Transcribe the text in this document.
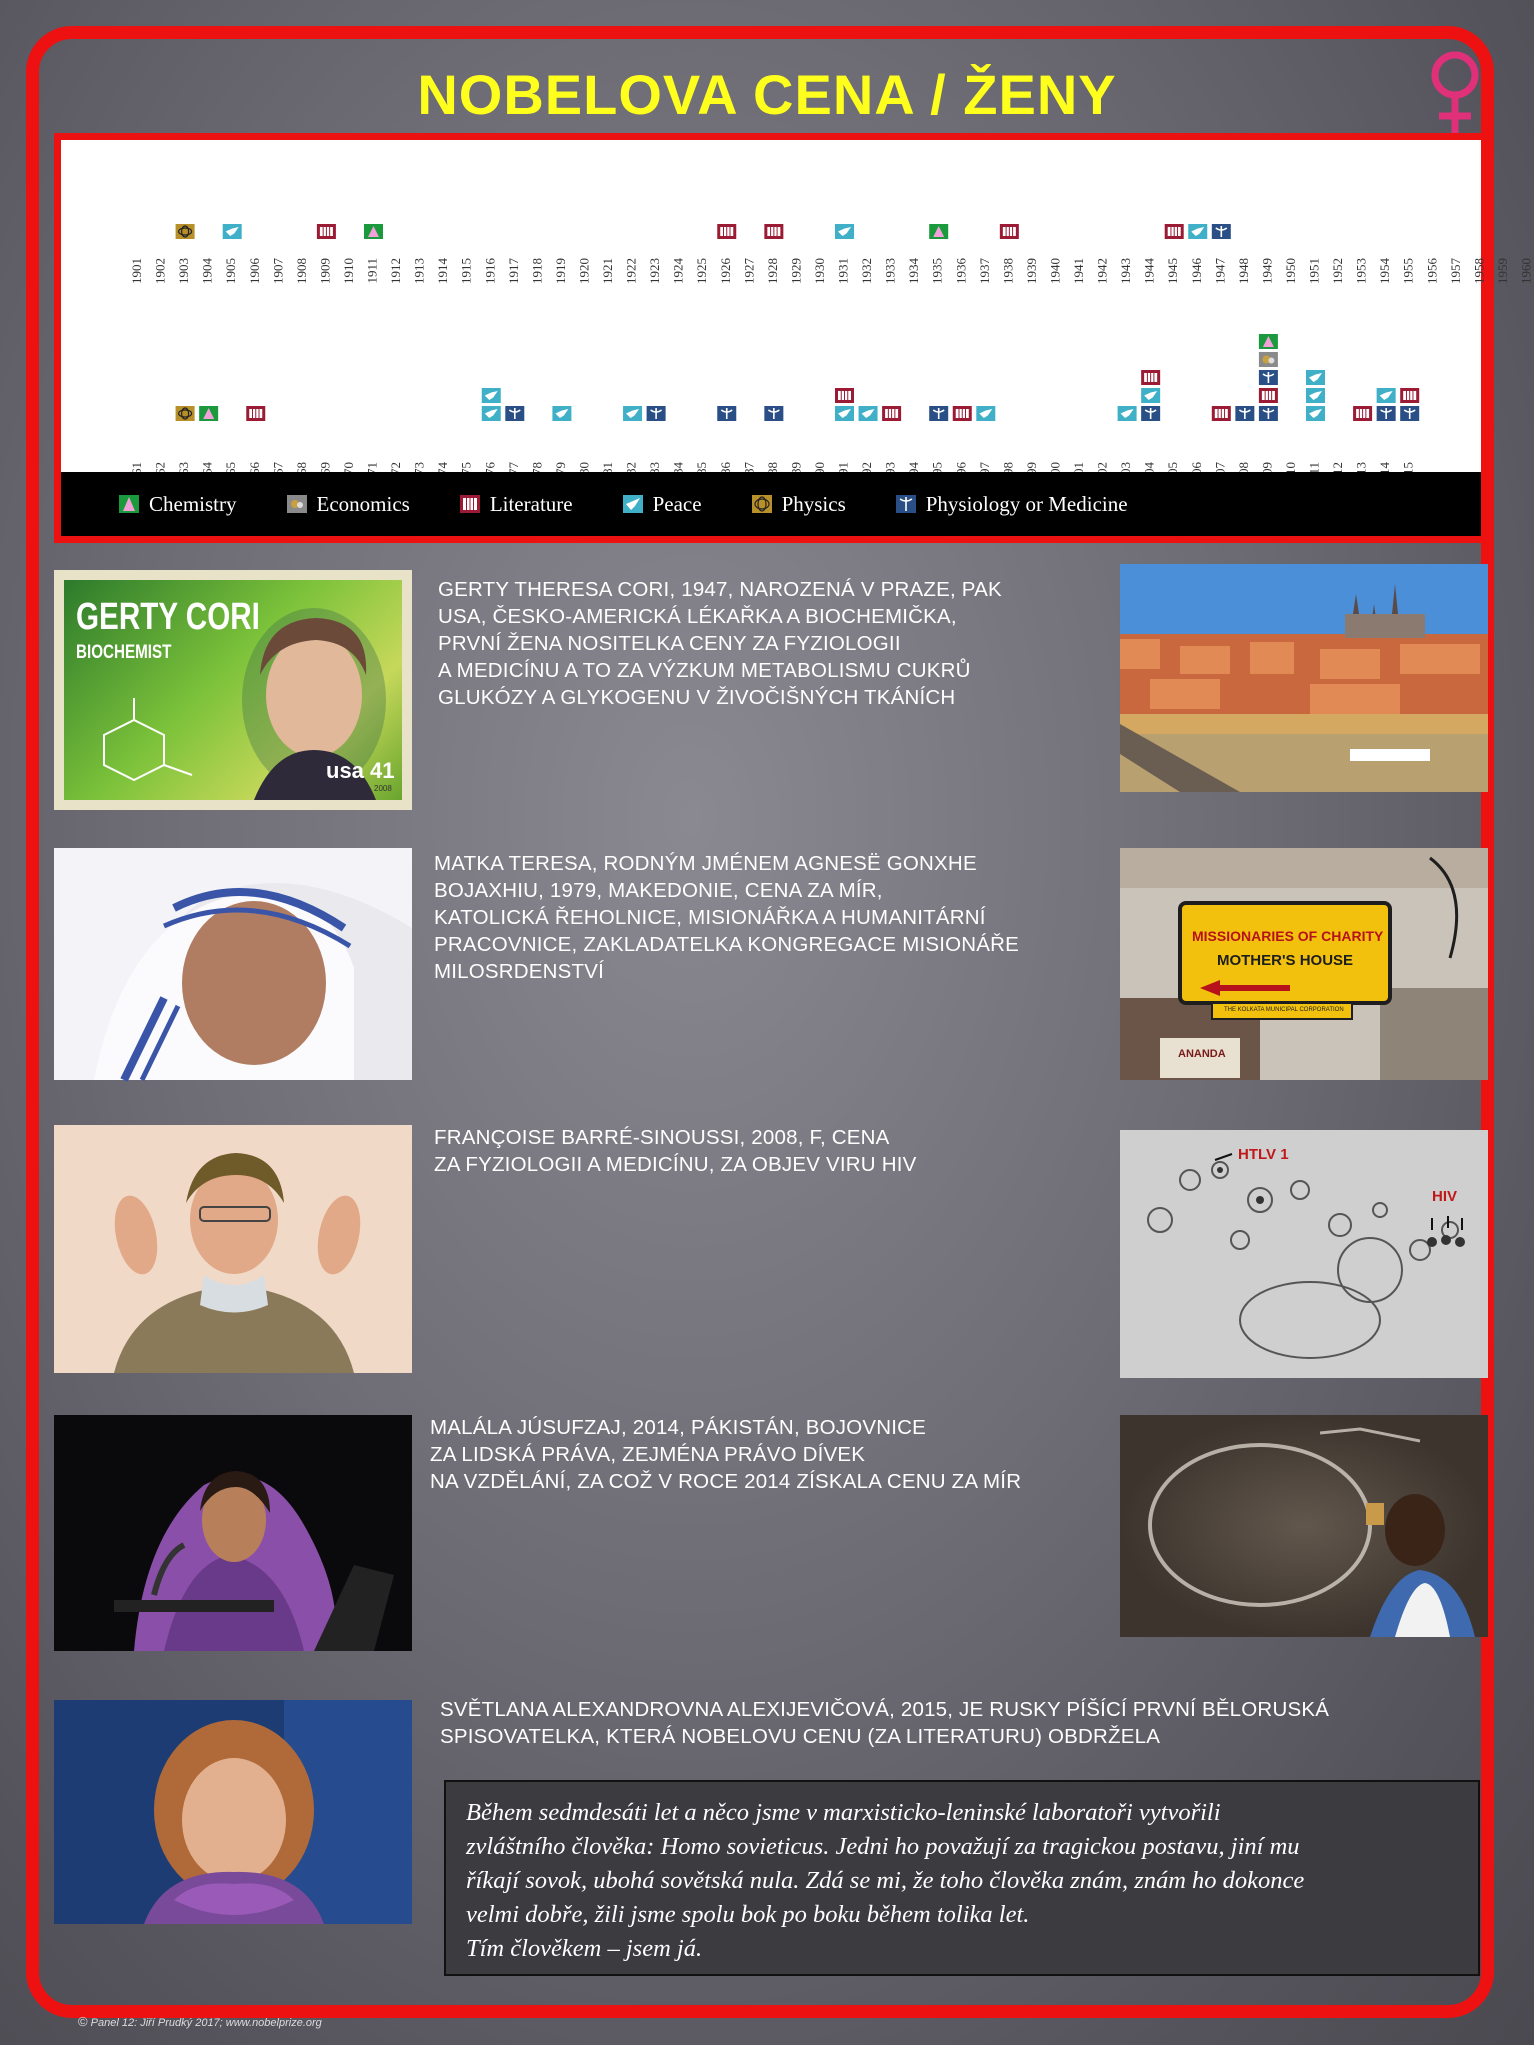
NOBELOVA CENA / ŽENY
1901 1902 1903 1904 1905 1906 1907 1908 1909 1910 1911 1912 1913 1914 1915 1916 1917 1918 1919 1920 1921 1922 1923 1924 1925 1926 1927 1928 1929 1930 1931 1932 1933 1934 1935 1936 1937 1938 1939 1940 1941 1942 1943 1944 1945 1946 1947 1948 1949 1950 1951 1952 1953 1954 1955 1956 1957 1958 1959 1960
Chemistry	Economics	Literature	Peace	Physics	Physiology or Medicine
GERTY CORI
BIOCHEMIST
usa 41
2008
GERTY THERESA CORI, 1947, NAROZENÁ V PRAZE, PAK
USA, ČESKO-AMERICKÁ LÉKAŘKA A BIOCHEMIČKA,
PRVNÍ ŽENA NOSITELKA CENY ZA FYZIOLOGII
A MEDICÍNU A TO ZA VÝZKUM METABOLISMU CUKRŮ
GLUKÓZY A GLYKOGENU V ŽIVOČIŠNÝCH TKÁNÍCH
MATKA TERESA, RODNÝM JMÉNEM AGNESË GONXHE
BOJAXHIU, 1979, MAKEDONIE, CENA ZA MÍR,
KATOLICKÁ ŘEHOLNICE, MISIONÁŘKA A HUMANITÁRNÍ
PRACOVNICE, ZAKLADATELKA KONGREGACE MISIONÁŘE
MILOSRDENSTVÍ
MISSIONARIES OF CHARITY
MOTHER'S HOUSE
THE KOLKATA MUNICIPAL CORPORATION
ANANDA
FRANÇOISE BARRÉ-SINOUSSI, 2008, F, CENA
ZA FYZIOLOGII A MEDICÍNU, ZA OBJEV VIRU HIV	HTLV 1
HIV
MALÁLA JÚSUFZAJ, 2014, PÁKISTÁN, BOJOVNICE
ZA LIDSKÁ PRÁVA, ZEJMÉNA PRÁVO DÍVEK
NA VZDĚLÁNÍ, ZA COŽ V ROCE 2014 ZÍSKALA CENU ZA MÍR
SVĚTLANA ALEXANDROVNA ALEXIJEVIČOVÁ, 2015, JE RUSKY PÍŠÍCÍ PRVNÍ BĚLORUSKÁ
SPISOVATELKA, KTERÁ NOBELOVU CENU (ZA LITERATURU) OBDRŽELA
Během sedmdesáti let a něco jsme v marxisticko-leninské laboratoři vytvořili
zvláštního člověka: Homo sovieticus. Jedni ho považují za tragickou postavu, jiní mu
říkají sovok, ubohá sovětská nula. Zdá se mi, že toho člověka znám, znám ho dokonce
velmi dobře, žili jsme spolu bok po boku během tolika let.
Tím člověkem – jsem já.
© Panel 12: Jiří Prudký 2017; www.nobelprize.org
